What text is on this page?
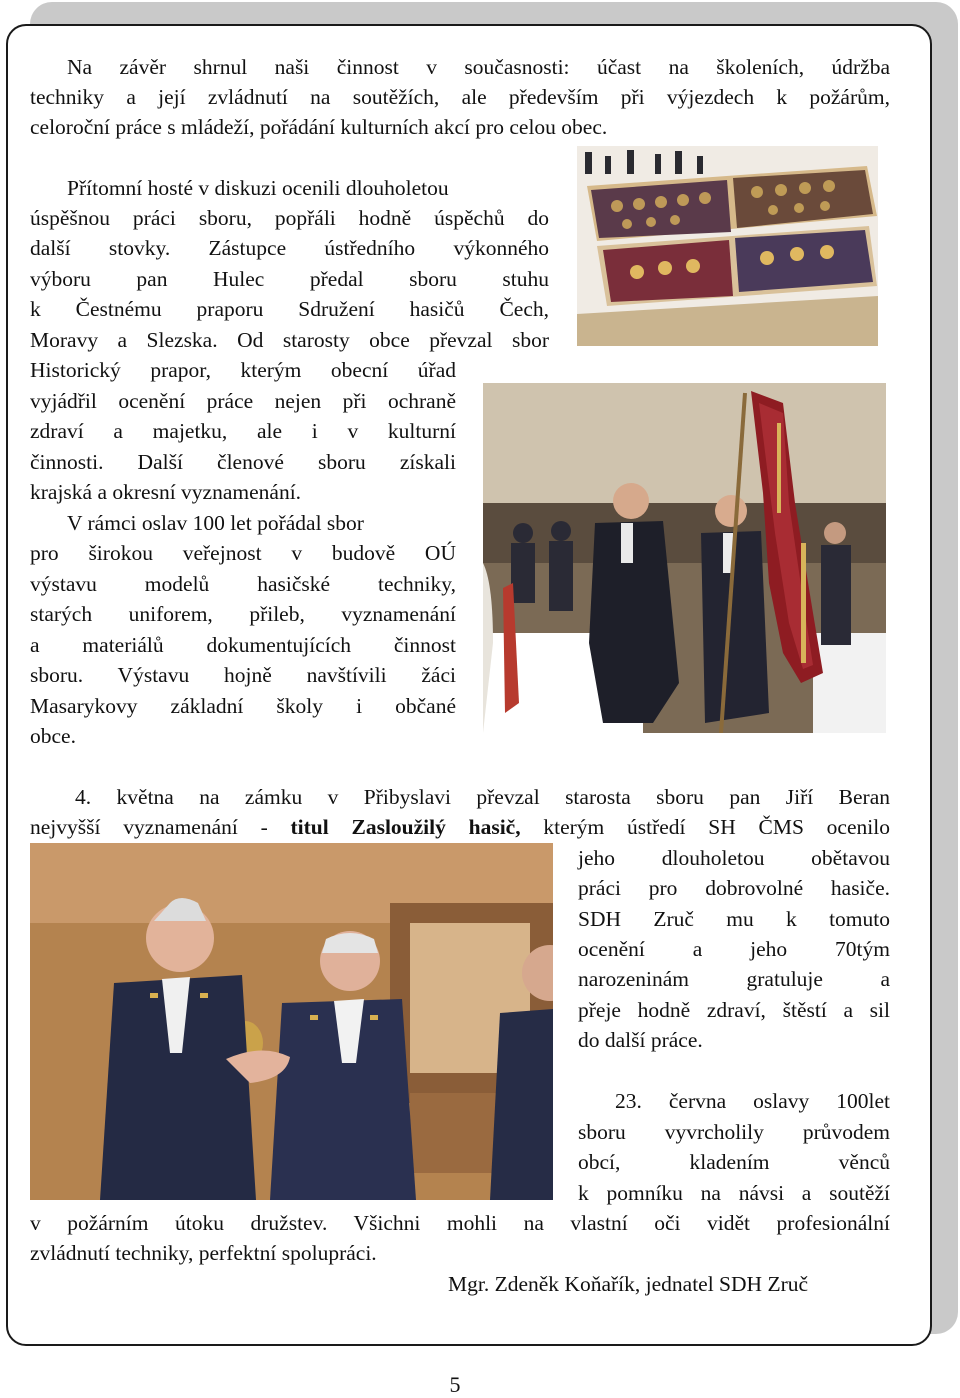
Na závěr shrnul naši činnost v současnosti: účast na školeních, údržba
techniky a její zvládnutí na soutěžích, ale především při výjezdech k požárům,
celoroční práce s mládeží, pořádání kulturních akcí pro celou obec.
Přítomní hosté v diskuzi ocenili dlouholetou
úspěšnou práci sboru, popřáli hodně úspěchů do
další stovky. Zástupce ústředního výkonného
výboru pan Hulec předal sboru stuhu
k Čestnému praporu Sdružení hasičů Čech,
Moravy a Slezska. Od starosty obce převzal sbor
Historický prapor, kterým obecní úřad
vyjádřil ocenění práce nejen při ochraně
zdraví a majetku, ale i v kulturní
činnosti. Další členové sboru získali
krajská a okresní vyznamenání.
V rámci oslav 100 let pořádal sbor
pro širokou veřejnost v budově OÚ
výstavu modelů hasičské techniky,
starých uniforem, přileb, vyznamenání
a materiálů dokumentujících činnost
sboru. Výstavu hojně navštívili žáci
Masarykovy základní školy i občané
obce.
4. května na zámku v Přibyslavi převzal starosta sboru pan Jiří Beran
nejvyšší vyznamenání - titul Zasloužilý hasič, kterým ústředí SH ČMS ocenilo
jeho dlouholetou obětavou
práci pro dobrovolné hasiče.
SDH Zruč mu k tomuto
ocenění a jeho 70tým
narozeninám gratuluje a
přeje hodně zdraví, štěstí a sil
do další práce.
23. června oslavy 100let
sboru vyvrcholily průvodem
obcí, kladením věnců
k pomníku na návsi a soutěží
v požárním útoku družstev. Všichni mohli na vlastní oči vidět profesionální
zvládnutí techniky, perfektní spolupráci.
Mgr. Zdeněk Koňařík, jednatel SDH Zruč
5
